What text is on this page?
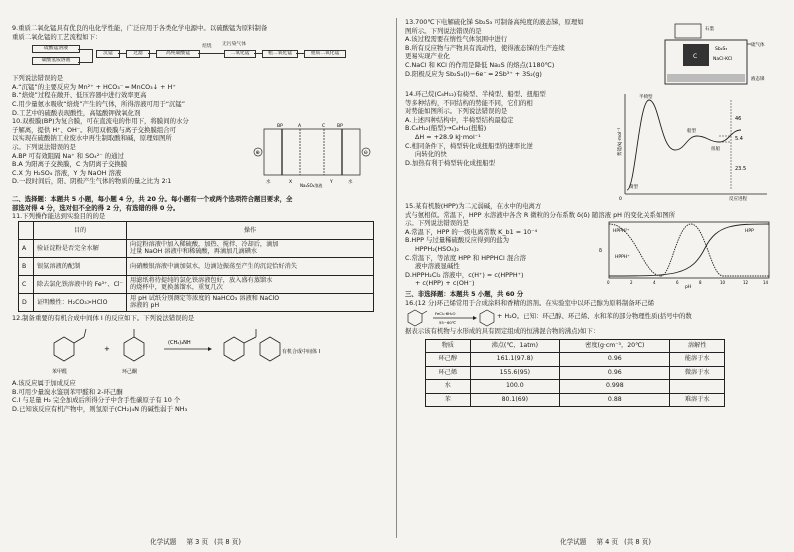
9.重质二氧化锰具有优良的电化学性能，广泛应用于各类化学电源中。以硫酸锰为原料制备
重质二氧化锰的工艺流程如下：
硫酸锰溶液
碳酸氢铵溶液
沉锰	过滤	高纯碳酸锰
焙烧 无污染气体
二氧化锰	粗二氧化锰	重质二氧化锰
下列说法错误的是
A.“沉锰”的主要反应为 Mn²⁺ + HCO₃⁻ ═ MnCO₃↓ + H⁺
B.“焙烧”过程在敞开、低压容器中进行效率更高
C.用少量氨水吸收“焙烧”产生的气体，所得溶液可用于“沉锰”
D.工艺中的硫酸表现酸性，高锰酸钾做氧化剂
10.双极膜(BP)为复合膜，可在直流电的作用下，将膜间的水分
子解离，提供 H⁺、OH⁻。利用双极膜与离子交换膜组合可
以实现在硫酸钠工业废水中再生制取酸和碱，原理如图所
示。下列说法错误的是
A.BP 可有效阻隔 Na⁺ 和 SO₄²⁻ 的通过
B.A 为阳离子交换膜，C 为阴离子交换膜
C.X 为 H₂SO₄ 溶液，Y 为 NaOH 溶液
D.一段时间后，阳、阴极产生气体的物质的量之比为 2∶1
⊕	⊖
BP	A	C	BP
X	Y
水	水
Na₂SO₄溶液
二、选择题：本题共 5 小题，每小题 4 分，共 20 分。每小题有一个或两个选项符合题目要求，全
部选对得 4 分，选对但不全的得 2 分，有选错的得 0 分。
11.下列操作能达到实验目的的是
	目的	操作
A	验证淀粉是否完全水解	向淀粉溶液中加入稀硫酸，加热、搅拌、冷却后，滴加
过量 NaOH 溶液中和稀硫酸，再滴加几滴碘水

B	银氨溶液的配制	向硝酸银溶液中滴加氨水，边滴边振荡至产生的沉淀恰好消失

C	除去氯化铁溶液中的 Fe³⁺、Cl⁻	用滤纸将待提纯的氯化铁溶液包好，放入盛有蒸馏水
的烧杯中，更换蒸馏水，重复几次

D	证明酸性：H₂CO₃>HClO	用 pH 试纸分别测定等浓度的 NaHCO₃ 溶液和 NaClO
溶液的 pH
12.制备重要的有机合成中间体 I 的反应如下。下列说法错误的是
苯甲醛
+
环己酮
(CH₂)₄NH
有机合成中间体 I
A.该反应属于加成反应
B.可用少量溴水鉴别苯甲醛和 2-环己酮
C.I 与足量 H₂ 完全加成后所得分子中含手性碳原子有 10 个
D.已知该反应有机产物中，则氢原子(CH₂)₄N 的碱性弱于 NH₃
化学试题 第 3 页 (共 8 页)
13.700℃下电解硫化锑 Sb₂S₃ 可制备高纯度的液态锑，原理如
图所示。下列说法错误的是
A.该过程需要在惰性气体氛围中进行
B.所有反应物与产物具有流动性，使得液态锑的生产连续
更易实现产业化
C.NaCl 和 KCl 的作用是降低 Na₂S 的熔点(1180℃)
D.阳极反应为 Sb₂S₃(l)−6e⁻ ═ 2Sb³⁺ + 3S₂(g)
石墨
C
Sb₂S₃
NaCl-KCl
液态锑
硫气体
14.环己烷(C₆H₁₂)有椅型、半椅型、船型、扭船型
等多种结构，不同结构的势能不同，它们的相
对势能如图所示。下列说法错误的是
A.上述四种结构中，半椅型结构最稳定
B.C₆H₁₂(船型)→C₆H₁₂(扭船)
ΔH = +28.9 kJ·mol⁻¹
C.相同条件下，椅型转化成扭船型的速率比逆
向转化的快
D.加热有利于椅型转化成扭船型
势能/kJ·mol⁻¹
反应进程
0
半椅型
船型
扭船
椅型
46
5.4
23.5
15.某有机胺(HPP)为二元弱碱，在水中的电离方
式与氨相似。常温下，HPP 水溶液中各含 R 微粒的分布系数 δ(δ) 随溶液 pH 的变化关系如图所
示。下列说法错误的是
A.常温下，HPP 的一级电离常数 K_b1 = 10⁻⁴
B.HPP 与过量稀硫酸反应得到的盐为
HPPH₂(HSO₄)₂
C.常温下，等浓度 HPP 和 HPPHCl 混合溶
液中溶液显碱性
D.HPPH₂Cl₂ 溶液中，c(H⁺) = c(HPPH⁺)
+ c(HPP) + c(OH⁻)
HPPH²⁺
HPPH⁺
HPP
δ
pH
0	2	4	6	8	10	12	14
三、非选择题：本题共 5 小题，共 60 分
16.(12 分)环己烯常用于合成涂料和香精的溶剂。在实验室中以环己醇为原料制备环己烯
FeCl₃·6H₂O
55~60℃
+ H₂O。已知：环己醇、环己烯、水和苯的部分物理性质(括号中的数
据表示该有机物与水形成的具有固定组成的恒沸混合物的沸点)如下：
物质	沸点(℃，1atm)	密度(g·cm⁻³，20℃)	溶解性
环己醇	161.1(97.8)	0.96	能溶于水
环己烯	155.6(95)	0.96	微溶于水
水	100.0	0.998	
苯	80.1(69)	0.88	难溶于水
化学试题 第 4 页 (共 8 页)
